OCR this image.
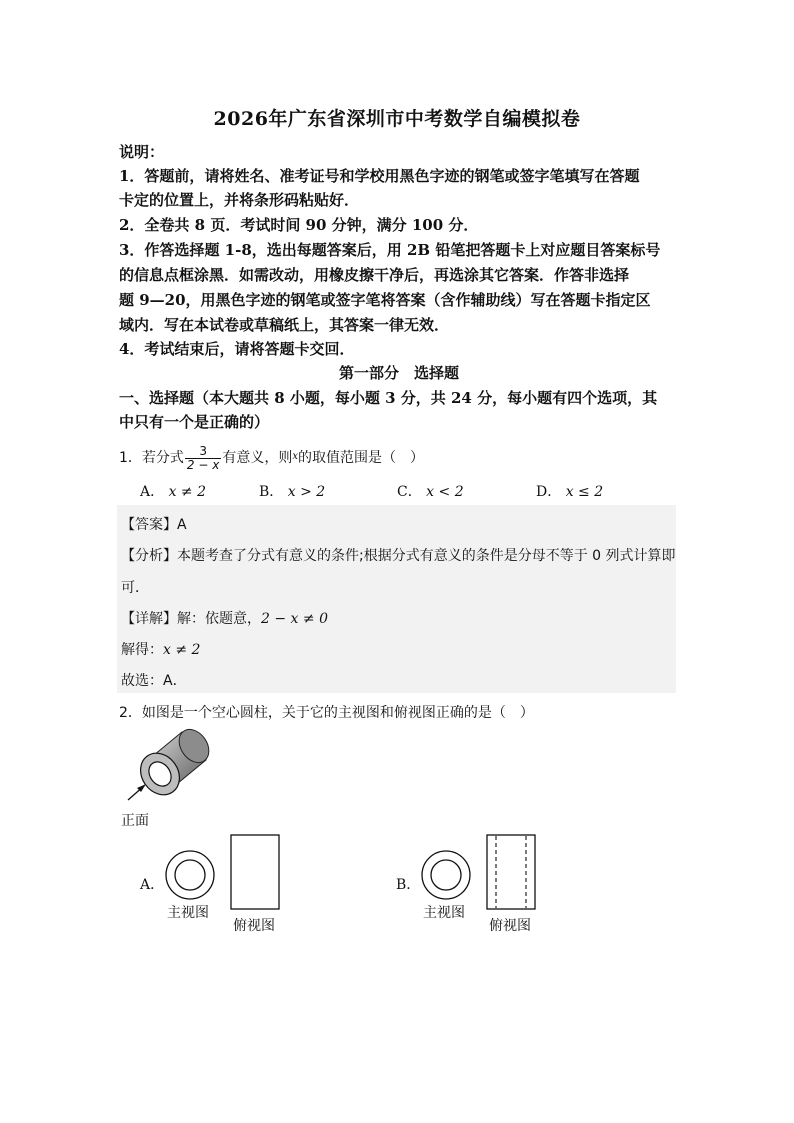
2026年广东省深圳市中考数学自编模拟卷
说明：
1．答题前，请将姓名、准考证号和学校用黑色字迹的钢笔或签字笔填写在答题
卡定的位置上，并将条形码粘贴好．
2．全卷共 8 页．考试时间 90 分钟，满分 100 分．
3．作答选择题 1-8，选出每题答案后，用 2B 铅笔把答题卡上对应题目答案标号
的信息点框涂黑．如需改动，用橡皮擦干净后，再选涂其它答案．作答非选择
题 9—20，用黑色字迹的钢笔或签字笔将答案（含作辅助线）写在答题卡指定区
域内．写在本试卷或草稿纸上，其答案一律无效．
4．考试结束后，请将答题卡交回．
第一部分　选择题
一、选择题（本大题共 8 小题，每小题 3 分，共 24 分，每小题有四个选项，其
中只有一个是正确的）
1．若分式 $\frac{3}{2 - x}$ 有意义，则$^x$的取值范围是（　）
A． x ≠ 2	B． x > 2	C． x < 2	D． x ≤ 2
【答案】A
【分析】本题考查了分式有意义的条件;根据分式有意义的条件是分母不等于 0 列式计算即
可．
【详解】解：依题意，2 − x ≠ 0
解得：x ≠ 2
故选：A．
2．如图是一个空心圆柱，关于它的主视图和俯视图正确的是（　）
正面
A．
主视图
俯视图
B．
主视图
俯视图
